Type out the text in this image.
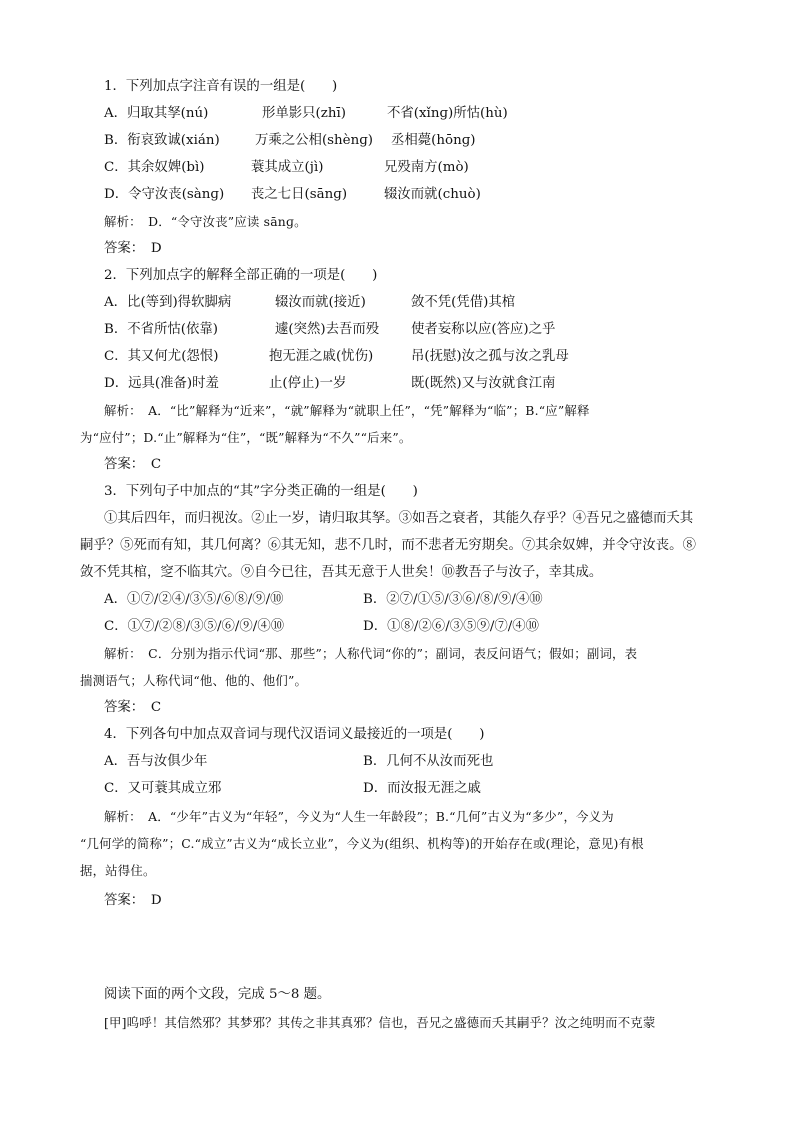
1．下列加点字注音有误的一组是(　　)
A．归取其孥(nú)	形单影只(zhī)	不省(xǐnɡ)所怙(hù)
B．衔哀致诚(xián)	万乘之公相(shènɡ) 丞相薨(hōnɡ)
C．其余奴婢(bì)	蓑其成立(jì)	兄殁南方(mò)
D．令守汝丧(sànɡ) 丧之七日(sānɡ)	辍汝而就(chuò)
解析：　D．“令守汝丧”应读 sānɡ。
答案：　D
2．下列加点字的解释全部正确的一项是(　　)
A．比(等到)得软脚病	辍汝而就(接近)	敛不凭(凭借)其棺
B．不省所怙(依靠)	遽(突然)去吾而殁 使者妄称以应(答应)之乎
C．其又何尤(怨恨)	抱无涯之戚(忧伤)	吊(抚慰)汝之孤与汝之乳母
D．远具(准备)时羞	止(停止)一岁	既(既然)又与汝就食江南
解析：　A．“比”解释为“近来”，“就”解释为“就职上任”，“凭”解释为“临”；B.“应”解释
为“应付”；D.“止”解释为“住”，“既”解释为“不久”“后来”。
答案：　C
3．下列句子中加点的“其”字分类正确的一组是(　　)
①其后四年，而归视汝。②止一岁，请归取其孥。③如吾之衰者，其能久存乎？④吾兄之盛德而夭其
嗣乎？⑤死而有知，其几何离？⑥其无知，悲不几时，而不悲者无穷期矣。⑦其余奴婢，并令守汝丧。⑧
敛不凭其棺，窆不临其穴。⑨自今已往，吾其无意于人世矣！⑩教吾子与汝子，幸其成。
A．①⑦/②④/③⑤/⑥⑧/⑨/⑩	B．②⑦/①⑤/③⑥/⑧/⑨/④⑩
C．①⑦/②⑧/③⑤/⑥/⑨/④⑩	D．①⑧/②⑥/③⑤⑨/⑦/④⑩
解析：　C．分别为指示代词“那、那些”；人称代词“你的”；副词，表反问语气；假如；副词，表
揣测语气；人称代词“他、他的、他们”。
答案：　C
4．下列各句中加点双音词与现代汉语词义最接近的一项是(　　)
A．吾与汝俱少年	B．几何不从汝而死也
C．又可蓑其成立邪	D．而汝报无涯之戚
解析：　A．“少年”古义为“年轻”，今义为“人生一年龄段”；B.“几何”古义为“多少”，今义为
“几何学的简称”；C.“成立”古义为“成长立业”，今义为(组织、机构等)的开始存在或(理论，意见)有根
据，站得住。
答案：　D
阅读下面的两个文段，完成 5～8 题。
[甲]呜呼！其信然邪？其梦邪？其传之非其真邪？信也，吾兄之盛德而夭其嗣乎？汝之纯明而不克蒙
